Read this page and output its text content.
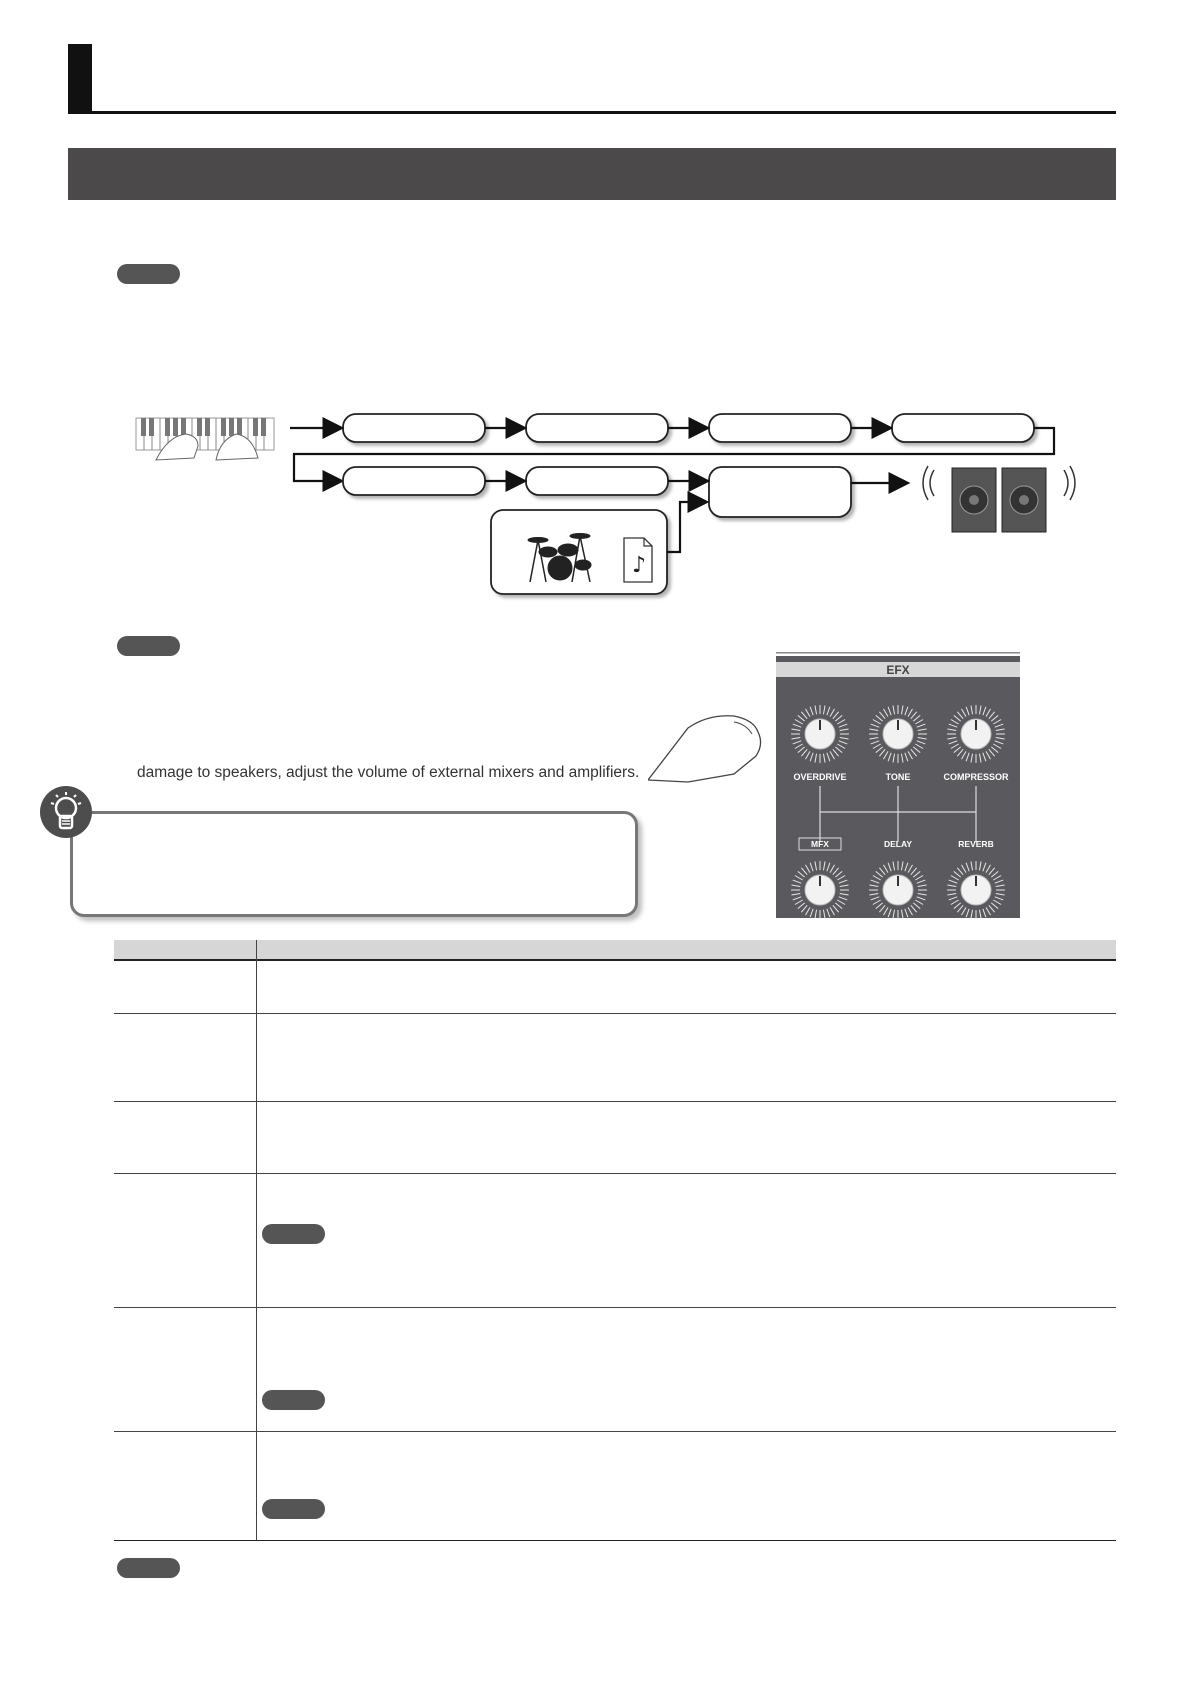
♪
EFX
OVERDRIVE	TONE	COMPRESSOR
MFX	DELAY	REVERB
damage to speakers, adjust the volume of external mixers and amplifiers.
